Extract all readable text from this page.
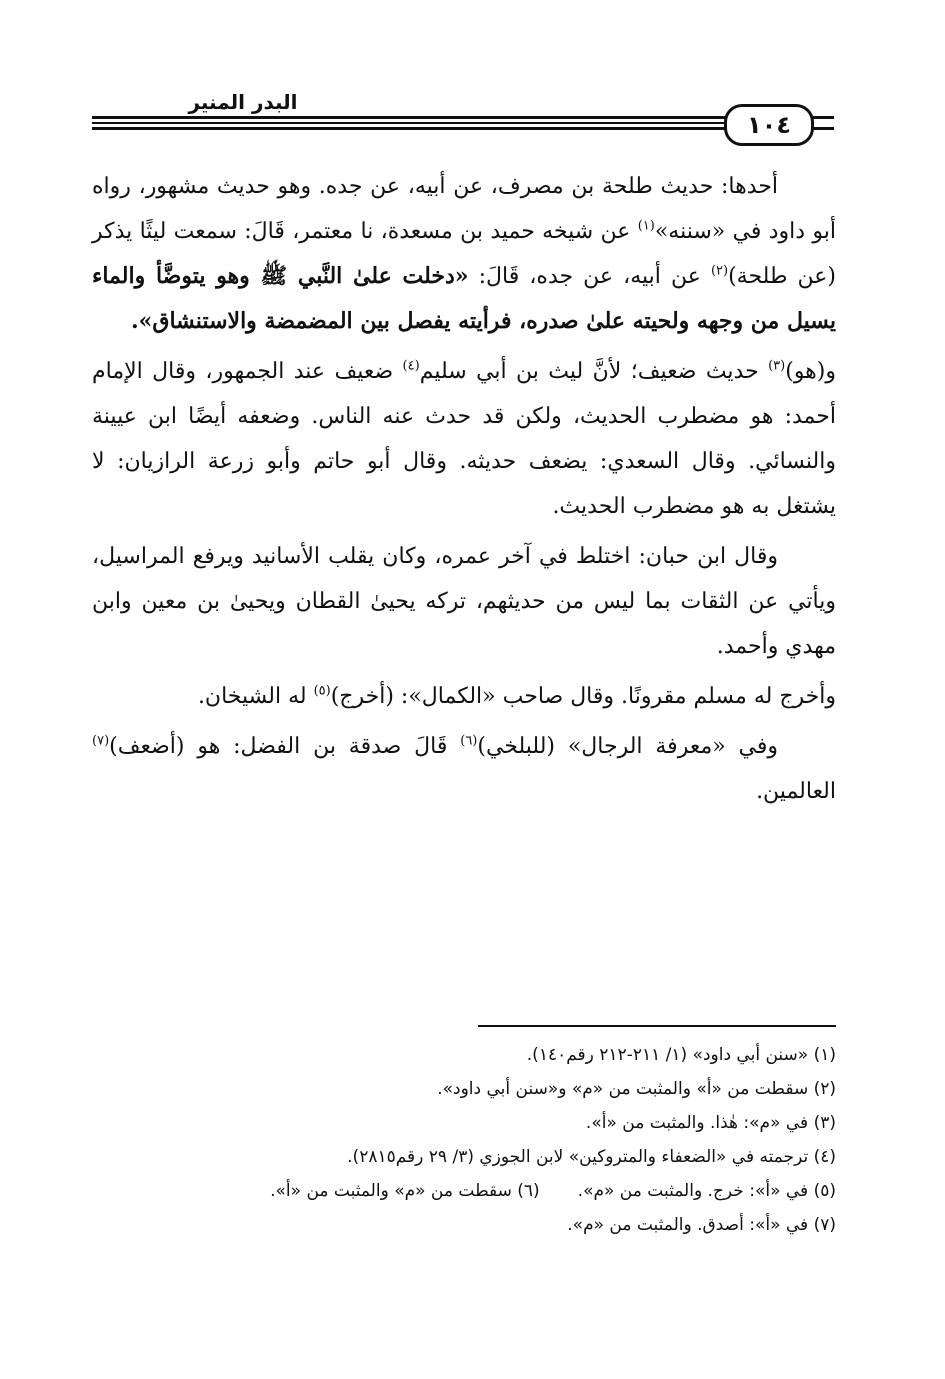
البدر المنير
١٠٤

أحدها: حديث طلحة بن مصرف، عن أبيه، عن جده. وهو حديث مشهور، رواه أبو داود في «سننه»$^{(١)}$ عن شيخه حميد بن مسعدة، نا معتمر، قَالَ: سمعت ليثًا يذكر (عن طلحة)$^{(٢)}$ عن أبيه، عن جده، قَالَ: «دخلت علىٰ النَّبي ﷺ وهو يتوضَّأ والماء يسيل من وجهه ولحيته علىٰ صدره، فرأيته يفصل بين المضمضة والاستنشاق».

و(هو)$^{(٣)}$ حديث ضعيف؛ لأنَّ ليث بن أبي سليم$^{(٤)}$ ضعيف عند الجمهور، وقال الإمام أحمد: هو مضطرب الحديث، ولكن قد حدث عنه الناس. وضعفه أيضًا ابن عيينة والنسائي. وقال السعدي: يضعف حديثه. وقال أبو حاتم وأبو زرعة الرازيان: لا يشتغل به هو مضطرب الحديث.

وقال ابن حبان: اختلط في آخر عمره، وكان يقلب الأسانيد ويرفع المراسيل، ويأتي عن الثقات بما ليس من حديثهم، تركه يحيىٰ القطان ويحيىٰ بن معين وابن مهدي وأحمد.

وأخرج له مسلم مقرونًا. وقال صاحب «الكمال»: (أخرج)$^{(٥)}$ له الشيخان.

وفي «معرفة الرجال» (للبلخي)$^{(٦)}$ قَالَ صدقة بن الفضل: هو (أضعف)$^{(٧)}$ العالمين.

(١) «سنن أبي داود» (١/ ٢١١-٢١٢ رقم١٤٠).
(٢) سقطت من «أ» والمثبت من «م» و«سنن أبي داود».
(٣) في «م»: هٰذا. والمثبت من «أ».
(٤) ترجمته في «الضعفاء والمتروكين» لابن الجوزي (٣/ ٢٩ رقم٢٨١٥).
(٥) في «أ»: خرج. والمثبت من «م».(٦) سقطت من «م» والمثبت من «أ».
(٧) في «أ»: أصدق. والمثبت من «م».
